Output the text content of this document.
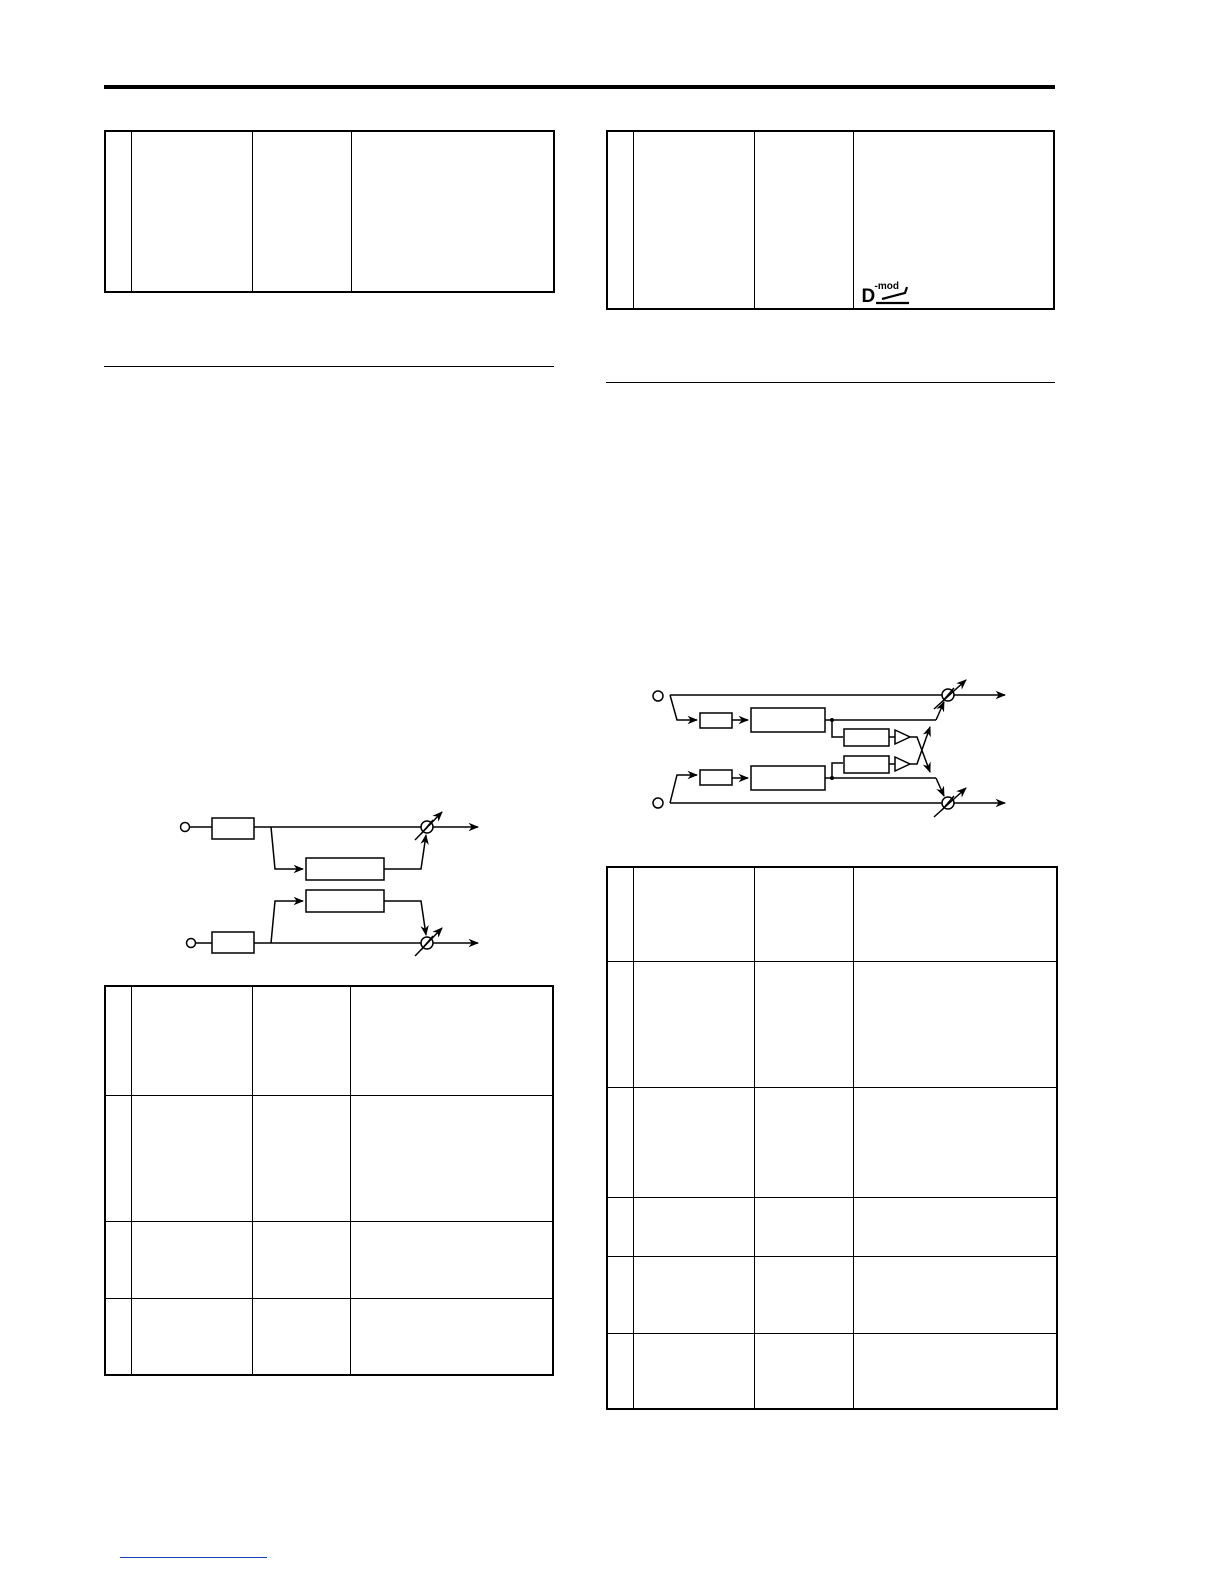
D -mod
